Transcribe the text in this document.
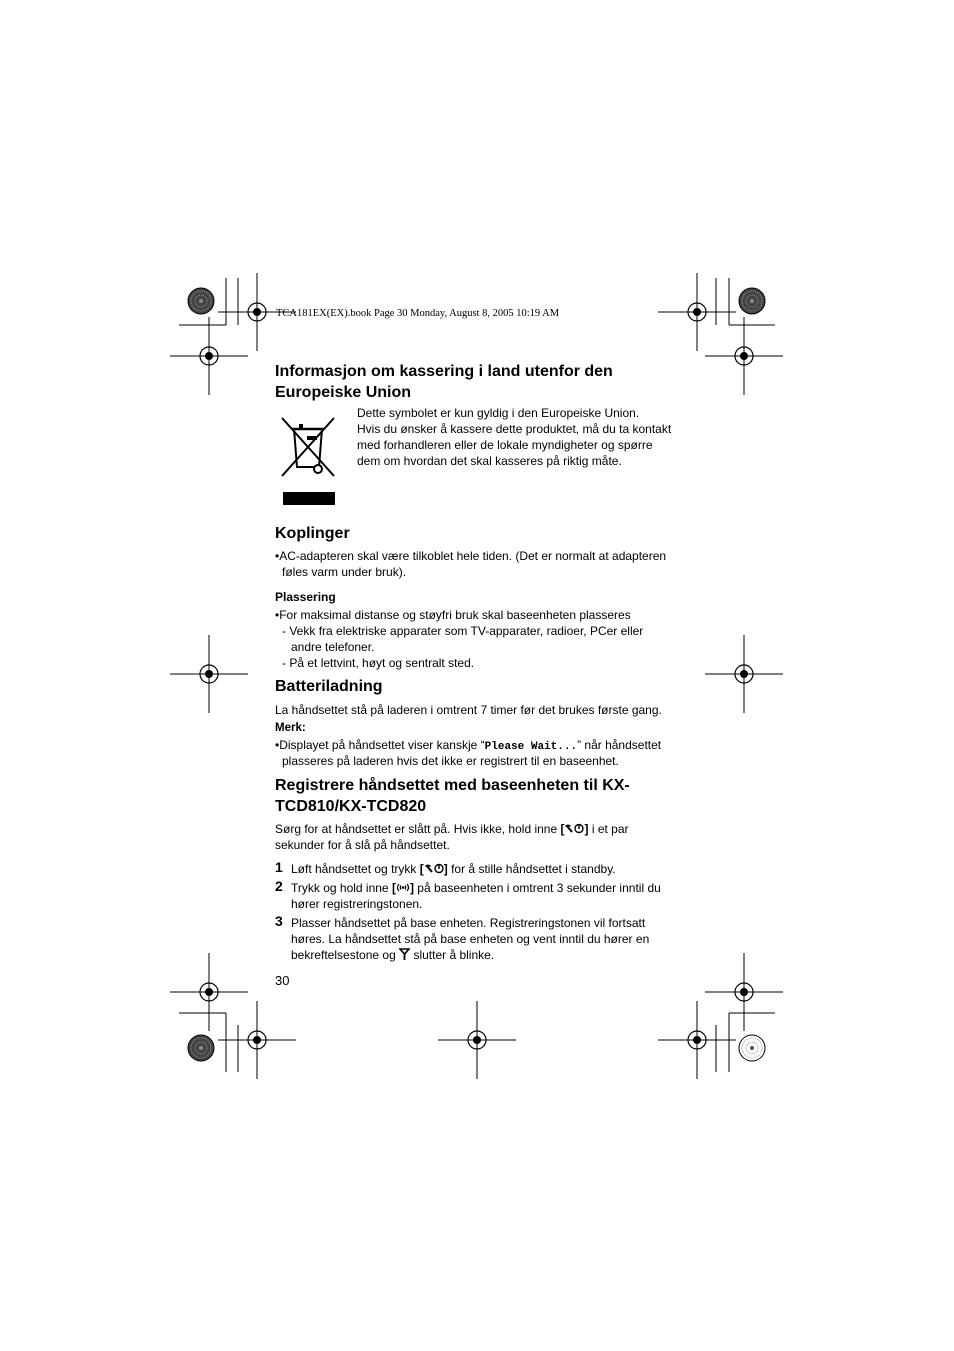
TCA181EX(EX).book Page 30 Monday, August 8, 2005 10:19 AM
Informasjon om kassering i land utenfor den
Europeiske Union
Dette symbolet er kun gyldig i den Europeiske Union.
Hvis du ønsker å kassere dette produktet, må du ta kontakt
med forhandleren eller de lokale myndigheter og spørre
dem om hvordan det skal kasseres på riktig måte.
Koplinger
•AC-adapteren skal være tilkoblet hele tiden. (Det er normalt at adapteren
føles varm under bruk).
Plassering
•For maksimal distanse og støyfri bruk skal baseenheten plasseres
- Vekk fra elektriske apparater som TV-apparater, radioer, PCer eller
andre telefoner.
- På et lettvint, høyt og sentralt sted.
Batteriladning
La håndsettet stå på laderen i omtrent 7 timer før det brukes første gang.
Merk:
•Displayet på håndsettet viser kanskje “Please Wait...” når håndsettet
plasseres på laderen hvis det ikke er registrert til en baseenhet.
Registrere håndsettet med baseenheten til KX-
TCD810/KX-TCD820
Sørg for at håndsettet er slått på. Hvis ikke, hold inne [ ] i et par
sekunder for å slå på håndsettet.
1 Løft håndsettet og trykk [ ] for å stille håndsettet i standby.
2 Trykk og hold inne [ ] på baseenheten i omtrent 3 sekunder inntil du
hører registreringstonen.
3 Plasser håndsettet på base enheten. Registreringstonen vil fortsatt
høres. La håndsettet stå på base enheten og vent inntil du hører en
bekreftelsestone og slutter å blinke.
30
